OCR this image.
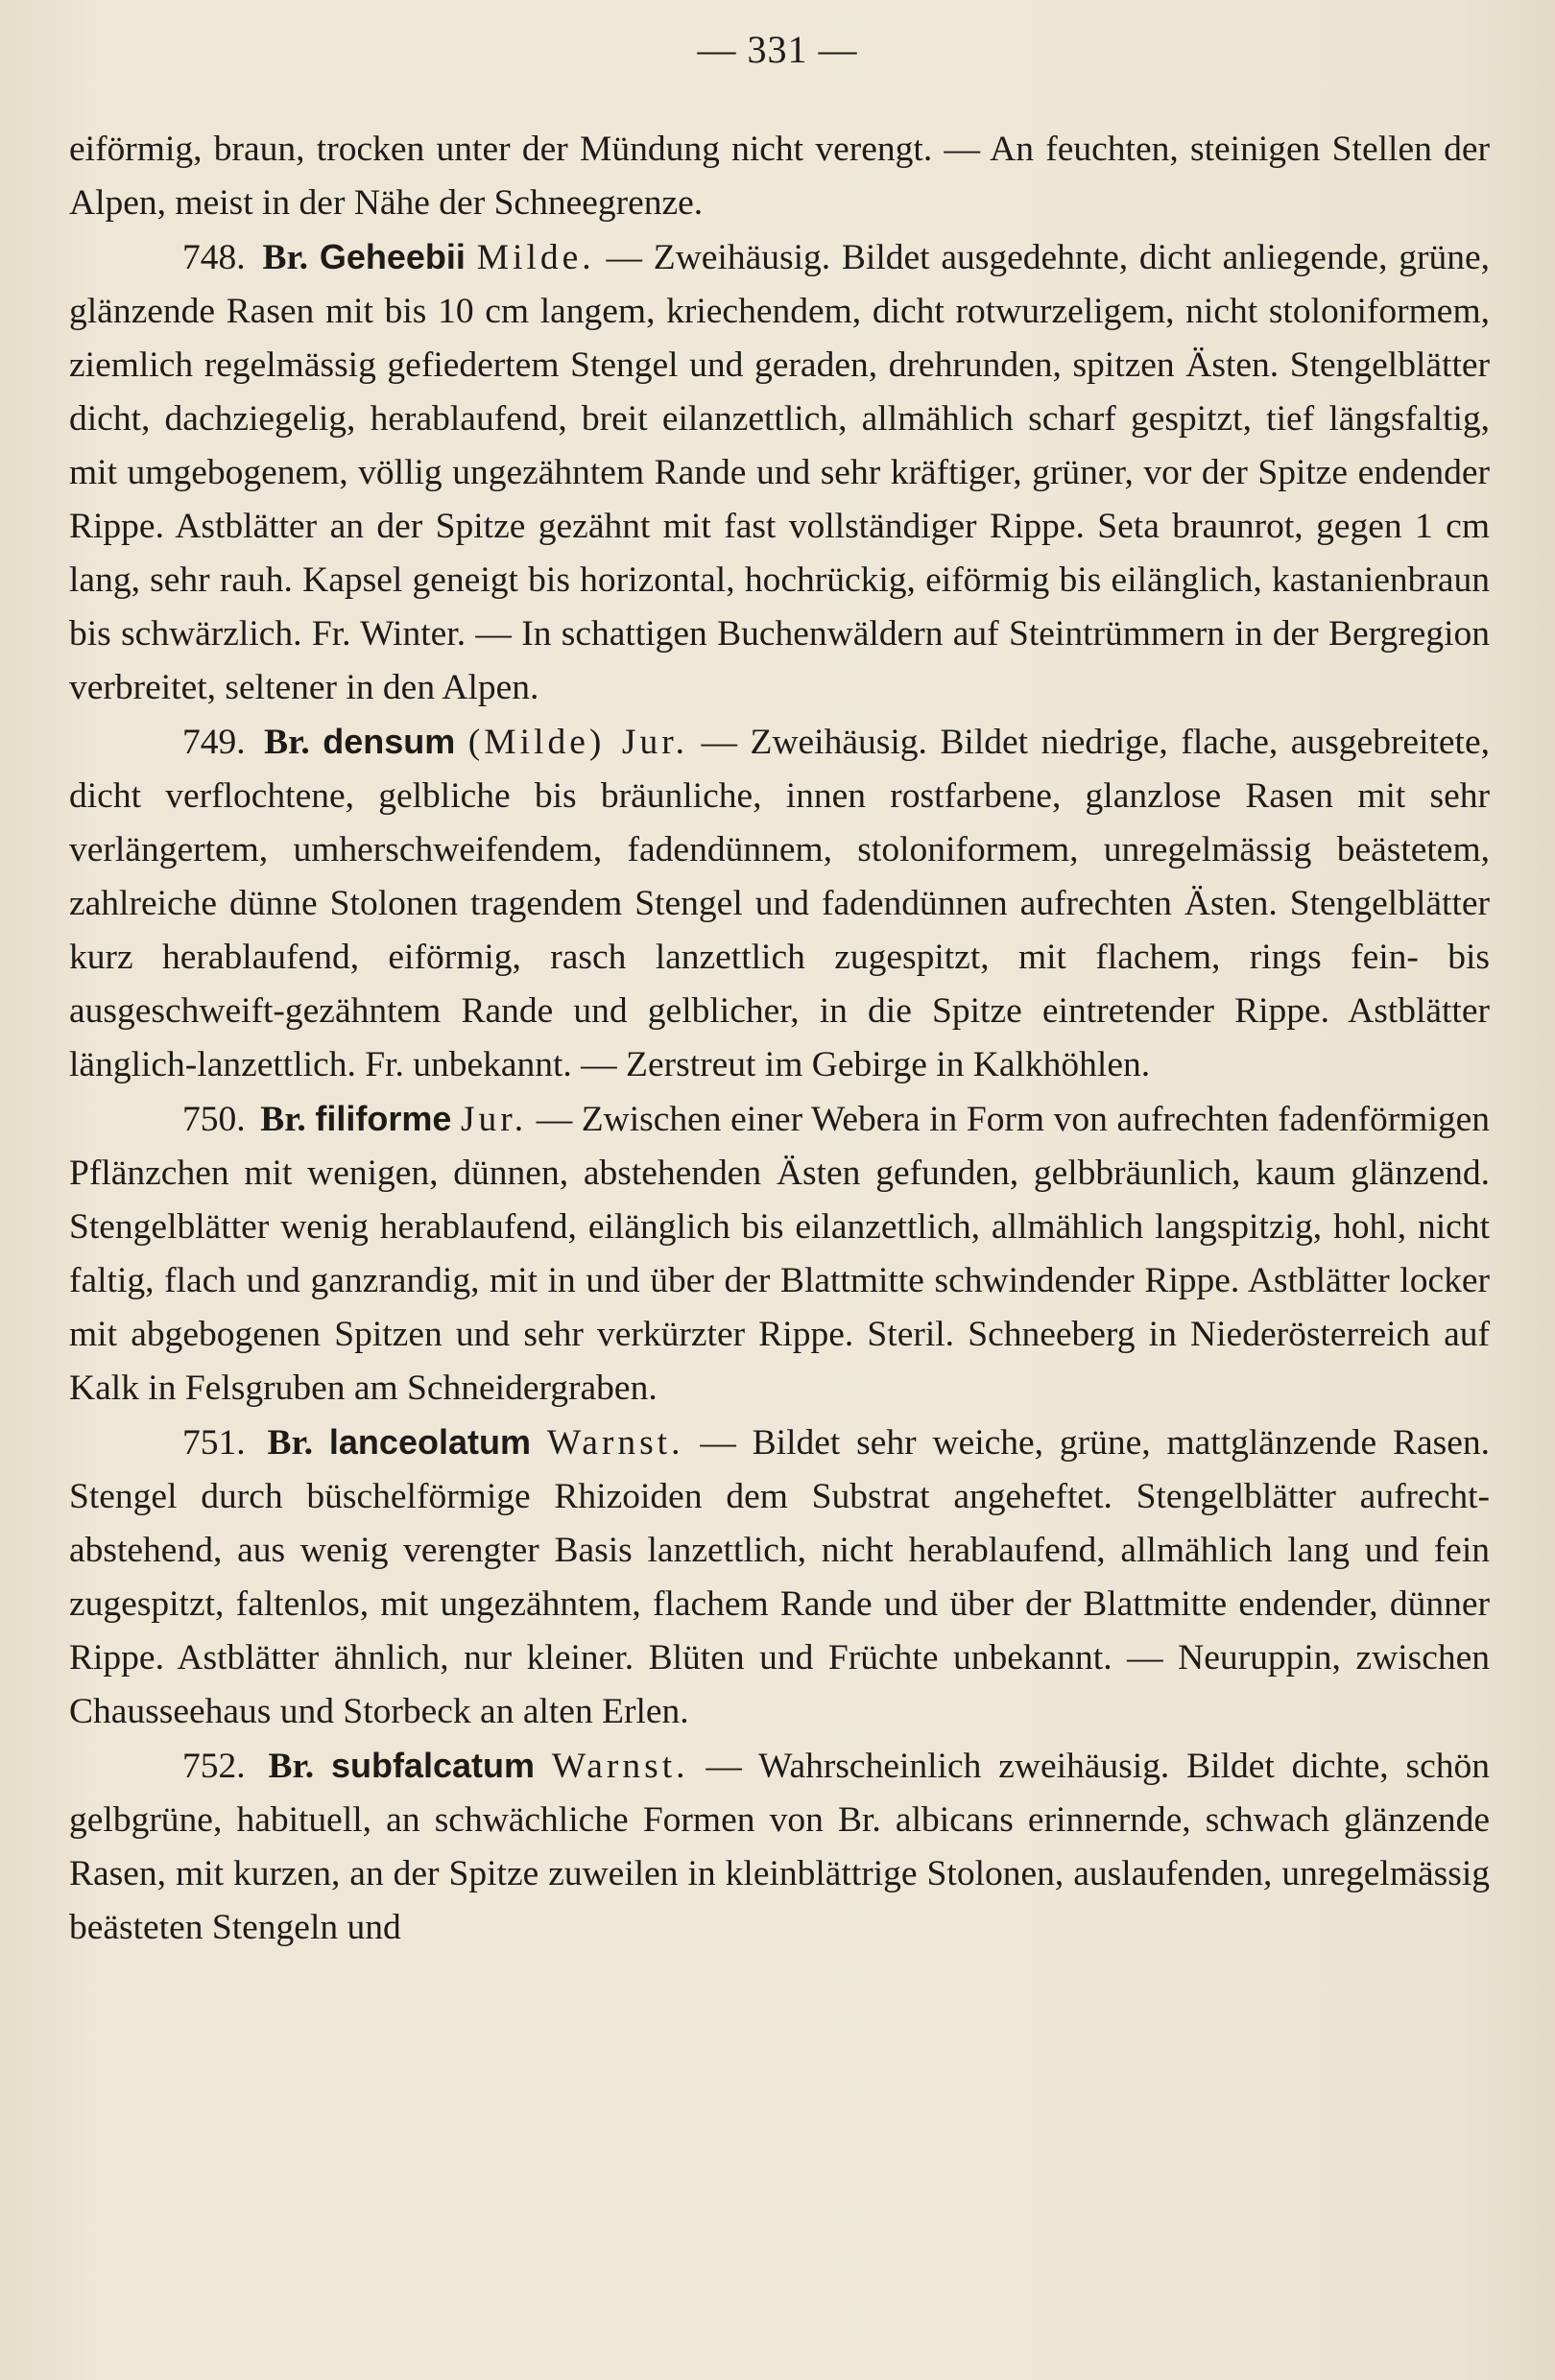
— 331 —

eiförmig, braun, trocken unter der Mündung nicht verengt. — An feuchten, steinigen Stellen der Alpen, meist in der Nähe der Schneegrenze.

748. Br. Geheebii Milde. — Zweihäusig. Bildet ausgedehnte, dicht anliegende, grüne, glänzende Rasen mit bis 10 cm langem, kriechendem, dicht rotwurzeligem, nicht stoloniformem, ziemlich regelmässig gefiedertem Stengel und geraden, drehrunden, spitzen Ästen. Stengelblätter dicht, dachziegelig, herablaufend, breit eilanzettlich, allmählich scharf gespitzt, tief längsfaltig, mit umgebogenem, völlig ungezähntem Rande und sehr kräftiger, grüner, vor der Spitze endender Rippe. Astblätter an der Spitze gezähnt mit fast vollständiger Rippe. Seta braunrot, gegen 1 cm lang, sehr rauh. Kapsel geneigt bis horizontal, hochrückig, eiförmig bis eilänglich, kastanienbraun bis schwärzlich. Fr. Winter. — In schattigen Buchenwäldern auf Steintrümmern in der Bergregion verbreitet, seltener in den Alpen.

749. Br. densum (Milde) Jur. — Zweihäusig. Bildet niedrige, flache, ausgebreitete, dicht verflochtene, gelbliche bis bräunliche, innen rostfarbene, glanzlose Rasen mit sehr verlängertem, umherschweifendem, fadendünnem, stoloniformem, unregelmässig beästetem, zahlreiche dünne Stolonen tragendem Stengel und fadendünnen aufrechten Ästen. Stengelblätter kurz herablaufend, eiförmig, rasch lanzettlich zugespitzt, mit flachem, rings fein- bis ausgeschweift-gezähntem Rande und gelblicher, in die Spitze eintretender Rippe. Astblätter länglich-lanzettlich. Fr. unbekannt. — Zerstreut im Gebirge in Kalkhöhlen.

750. Br. filiforme Jur. — Zwischen einer Webera in Form von aufrechten fadenförmigen Pflänzchen mit wenigen, dünnen, abstehenden Ästen gefunden, gelbbräunlich, kaum glänzend. Stengelblätter wenig herablaufend, eilänglich bis eilanzettlich, allmählich langspitzig, hohl, nicht faltig, flach und ganzrandig, mit in und über der Blattmitte schwindender Rippe. Astblätter locker mit abgebogenen Spitzen und sehr verkürzter Rippe. Steril. Schneeberg in Niederösterreich auf Kalk in Felsgruben am Schneidergraben.

751. Br. lanceolatum Warnst. — Bildet sehr weiche, grüne, mattglänzende Rasen. Stengel durch büschelförmige Rhizoiden dem Substrat angeheftet. Stengelblätter aufrecht-abstehend, aus wenig verengter Basis lanzettlich, nicht herablaufend, allmählich lang und fein zugespitzt, faltenlos, mit ungezähntem, flachem Rande und über der Blattmitte endender, dünner Rippe. Astblätter ähnlich, nur kleiner. Blüten und Früchte unbekannt. — Neuruppin, zwischen Chausseehaus und Storbeck an alten Erlen.

752. Br. subfalcatum Warnst. — Wahrscheinlich zweihäusig. Bildet dichte, schön gelbgrüne, habituell, an schwächliche Formen von Br. albicans erinnernde, schwach glänzende Rasen, mit kurzen, an der Spitze zuweilen in kleinblättrige Stolonen, auslaufenden, unregelmässig beästeten Stengeln und
